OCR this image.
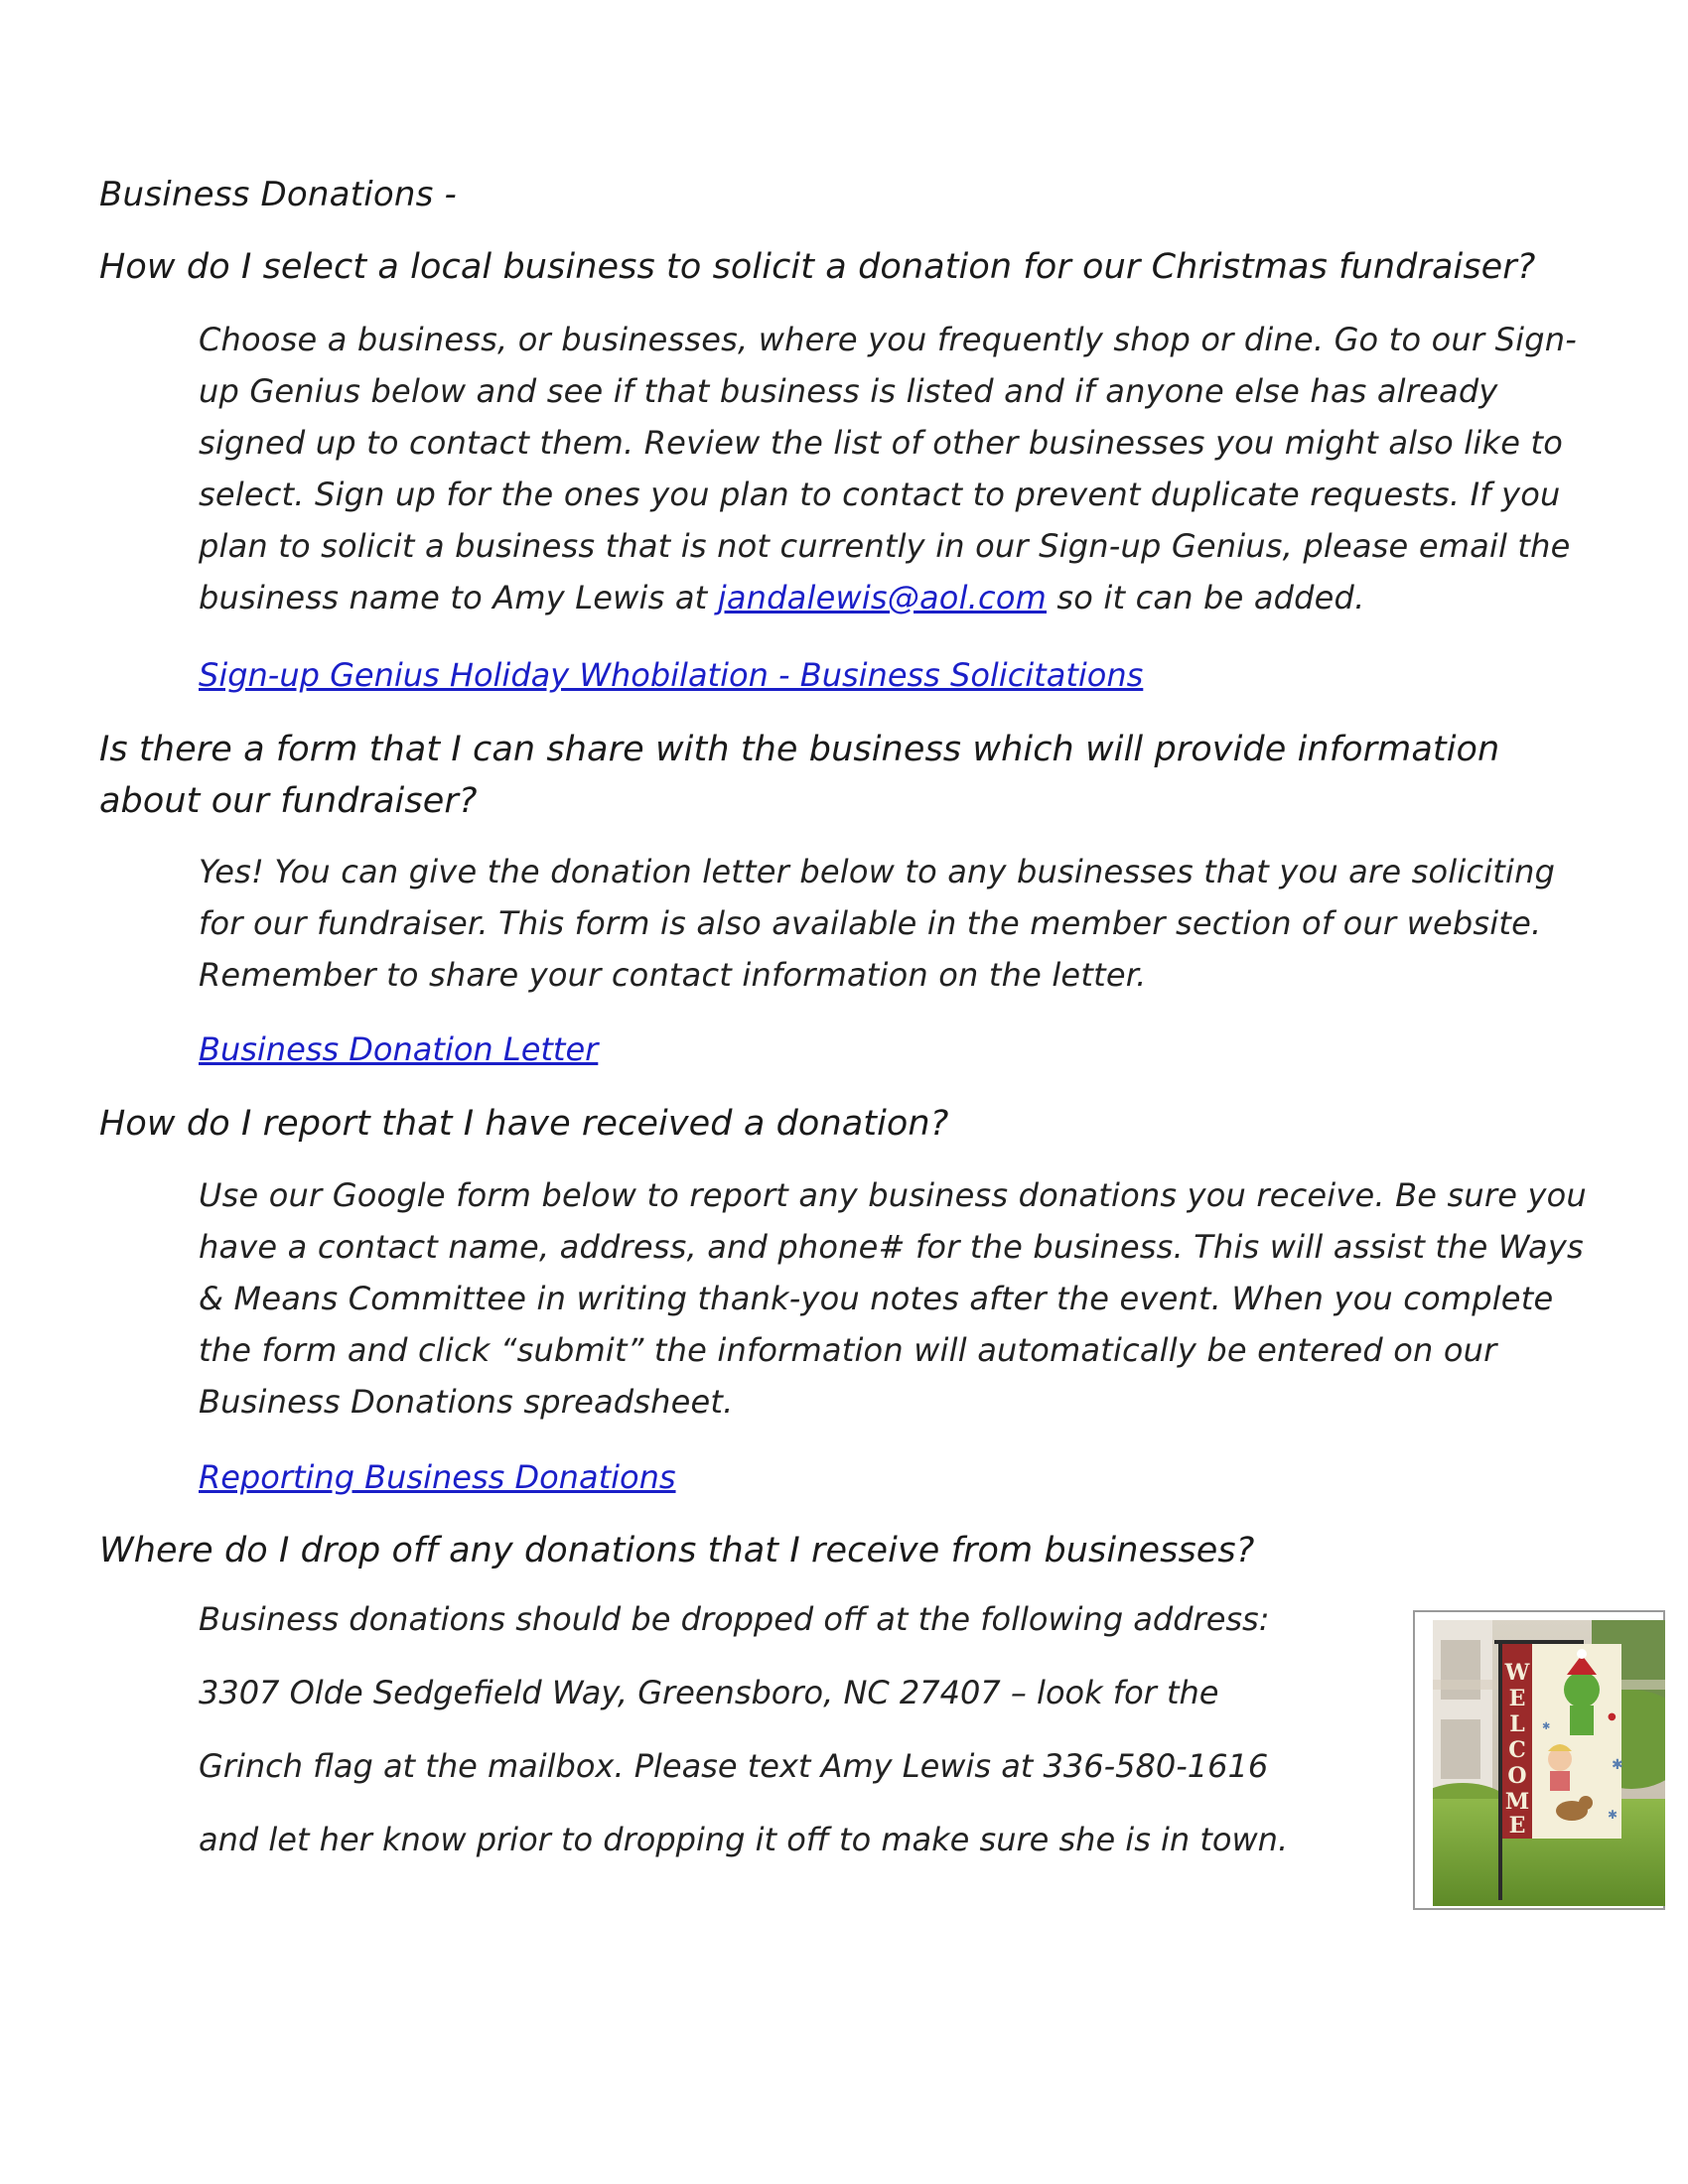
Business Donations -
How do I select a local business to solicit a donation for our Christmas fundraiser?
Choose a business, or businesses, where you frequently shop or dine. Go to our Sign-up Genius below and see if that business is listed and if anyone else has already signed up to contact them. Review the list of other businesses you might also like to select. Sign up for the ones you plan to contact to prevent duplicate requests. If you plan to solicit a business that is not currently in our Sign-up Genius, please email the business name to Amy Lewis at jandalewis@aol.com so it can be added.
Sign-up Genius Holiday Whobilation - Business Solicitations
Is there a form that I can share with the business which will provide information about our fundraiser?
Yes! You can give the donation letter below to any businesses that you are soliciting for our fundraiser. This form is also available in the member section of our website. Remember to share your contact information on the letter.
Business Donation Letter
How do I report that I have received a donation?
Use our Google form below to report any business donations you receive. Be sure you have a contact name, address, and phone# for the business. This will assist the Ways & Means Committee in writing thank-you notes after the event. When you complete the form and click “submit” the information will automatically be entered on our Business Donations spreadsheet.
Reporting Business Donations
Where do I drop off any donations that I receive from businesses?
Business donations should be dropped off at the following address:
3307 Olde Sedgefield Way, Greensboro, NC 27407 – look for the
Grinch flag at the mailbox. Please text Amy Lewis at 336-580-1616
and let her know prior to dropping it off to make sure she is in town.
W
E
L
C
O
M
E
✱
✱
✱
●
